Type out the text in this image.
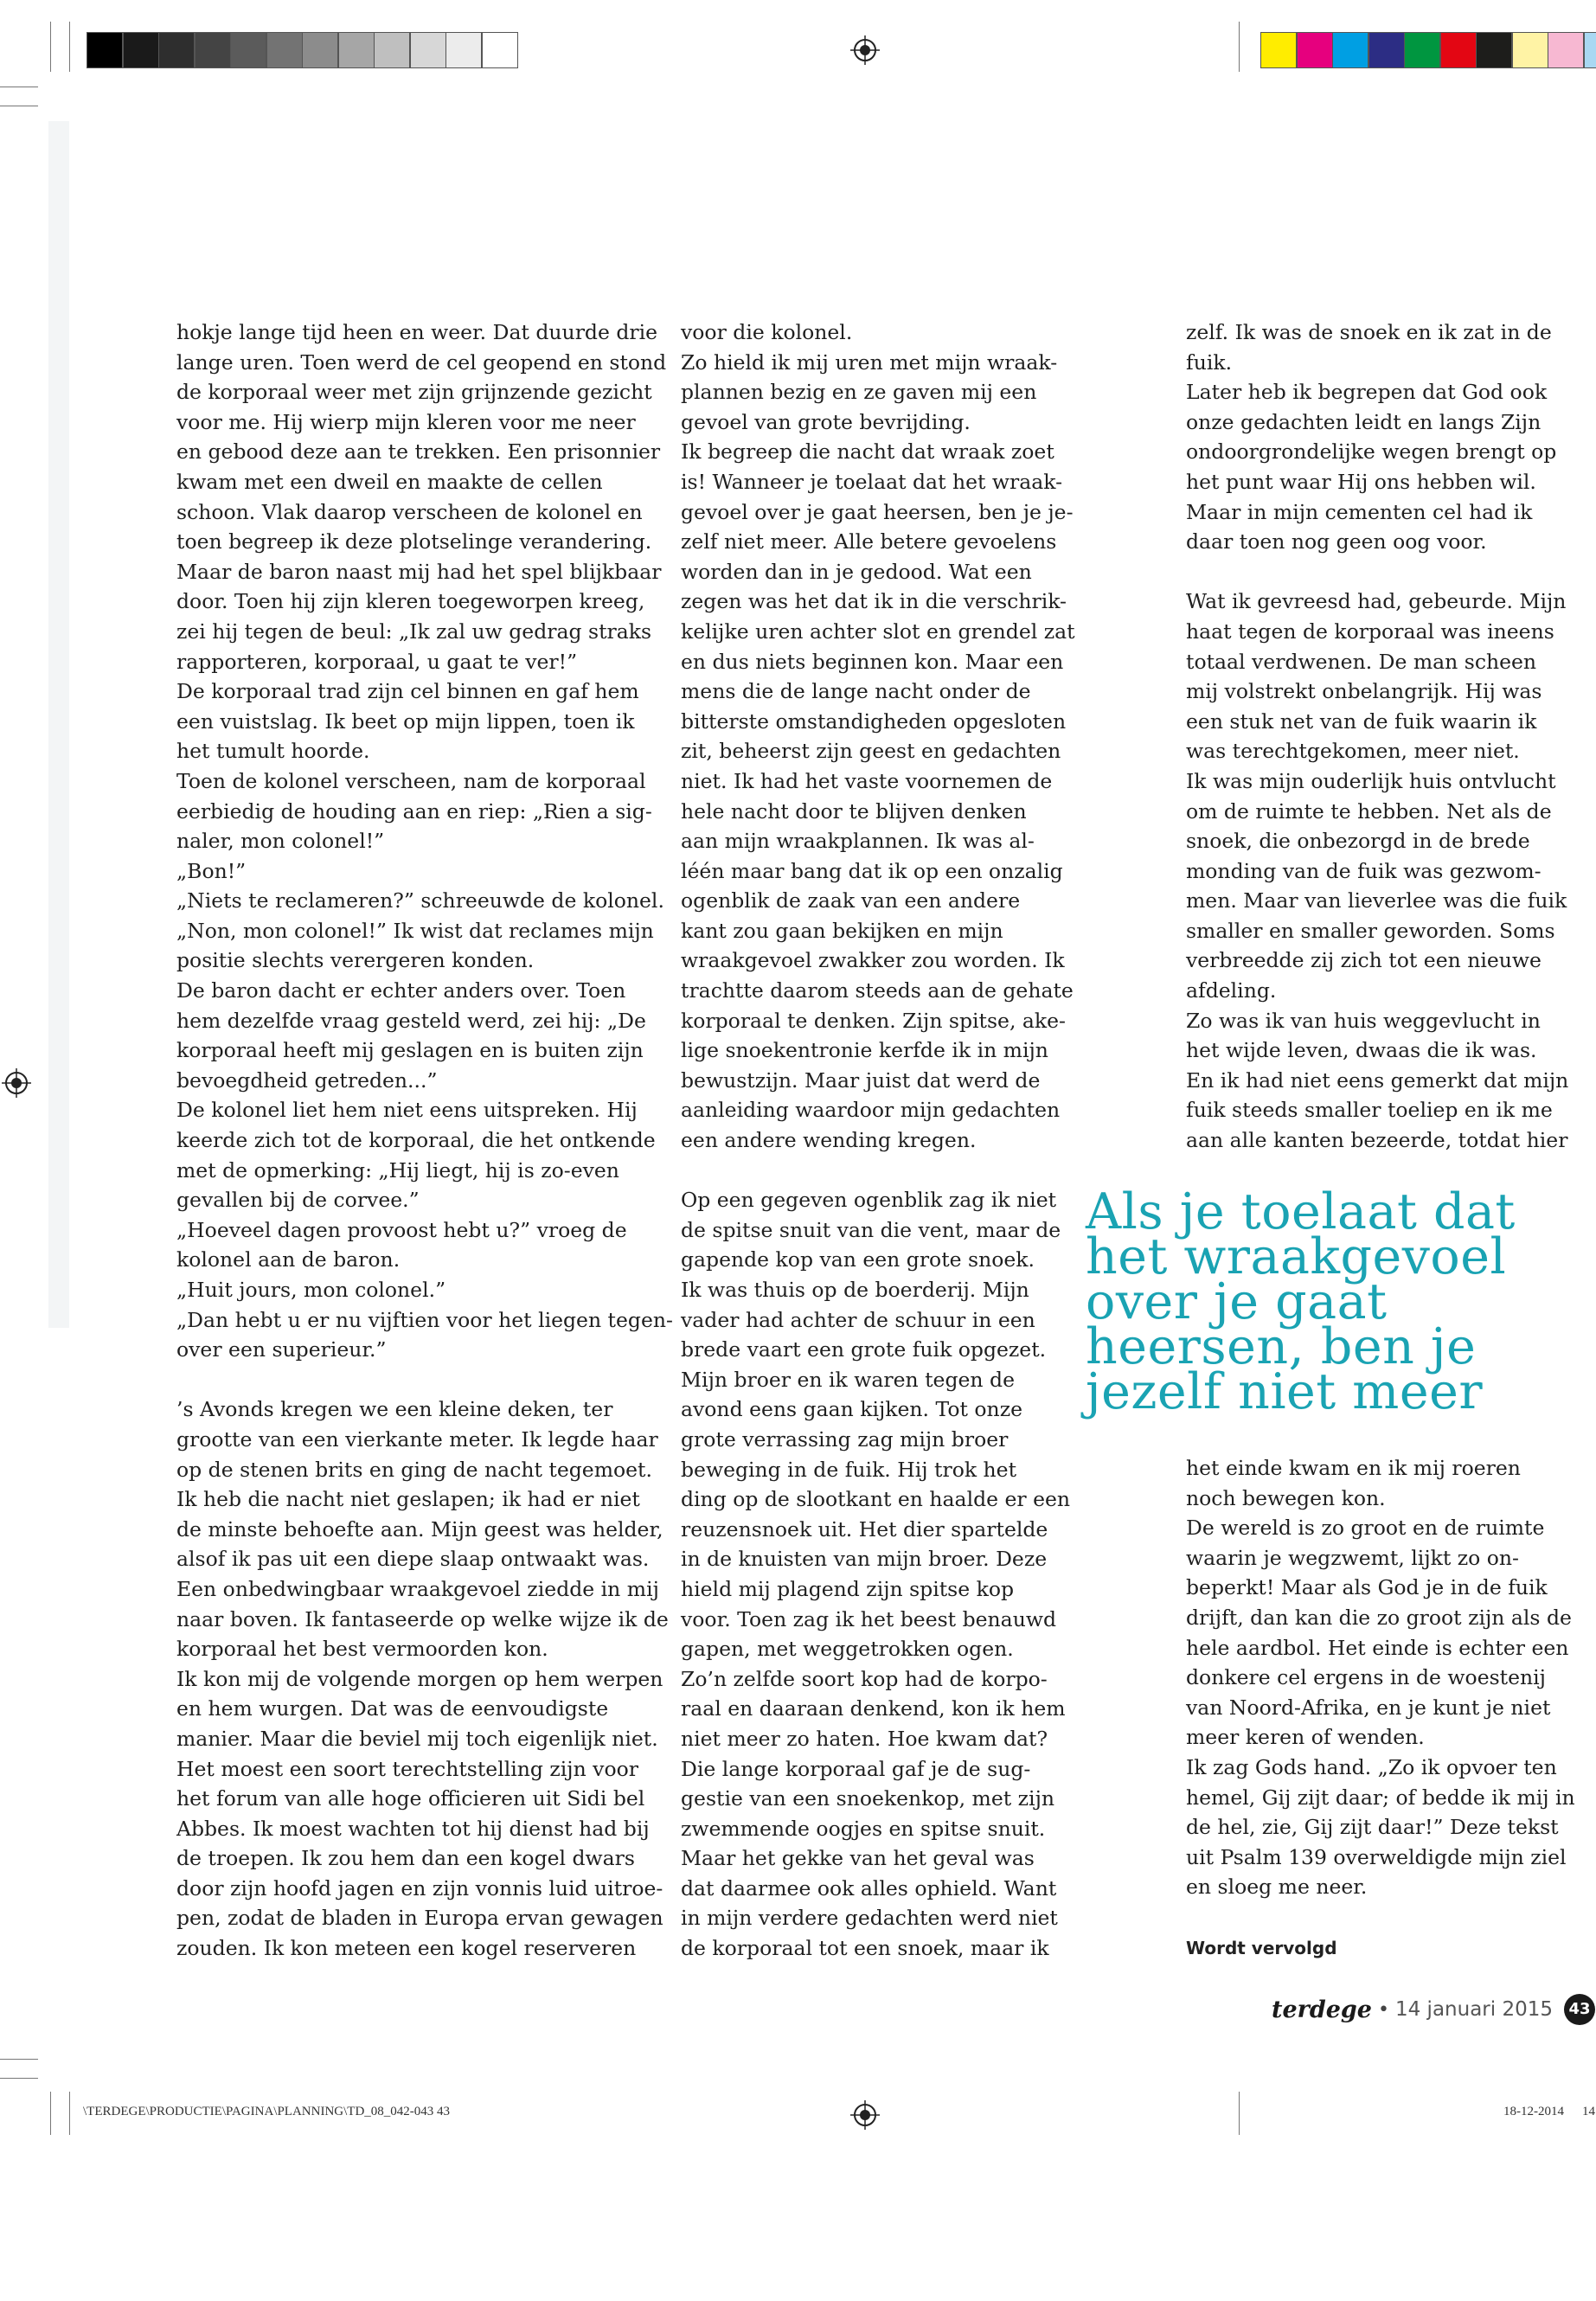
hokje lange tijd heen en weer. Dat duurde drie
lange uren. Toen werd de cel geopend en stond
de korporaal weer met zijn grijnzende gezicht
voor me. Hij wierp mijn kleren voor me neer
en gebood deze aan te trekken. Een prisonnier
kwam met een dweil en maakte de cellen
schoon. Vlak daarop verscheen de kolonel en
toen begreep ik deze plotselinge verandering.
Maar de baron naast mij had het spel blijkbaar
door. Toen hij zijn kleren toegeworpen kreeg,
zei hij tegen de beul: „Ik zal uw gedrag straks
rapporteren, korporaal, u gaat te ver!”
De korporaal trad zijn cel binnen en gaf hem
een vuistslag. Ik beet op mijn lippen, toen ik
het tumult hoorde.
Toen de kolonel verscheen, nam de korporaal
eerbiedig de houding aan en riep: „Rien a sig-
naler, mon colonel!”
„Bon!”
„Niets te reclameren?” schreeuwde de kolonel.
„Non, mon colonel!” Ik wist dat reclames mijn
positie slechts verergeren konden.
De baron dacht er echter anders over. Toen
hem dezelfde vraag gesteld werd, zei hij: „De
korporaal heeft mij geslagen en is buiten zijn
bevoegdheid getreden...”
De kolonel liet hem niet eens uitspreken. Hij
keerde zich tot de korporaal, die het ontkende
met de opmerking: „Hij liegt, hij is zo-even
gevallen bij de corvee.”
„Hoeveel dagen provoost hebt u?” vroeg de
kolonel aan de baron.
„Huit jours, mon colonel.”
„Dan hebt u er nu vijftien voor het liegen tegen-
over een superieur.”
’s Avonds kregen we een kleine deken, ter
grootte van een vierkante meter. Ik legde haar
op de stenen brits en ging de nacht tegemoet.
Ik heb die nacht niet geslapen; ik had er niet
de minste behoefte aan. Mijn geest was helder,
alsof ik pas uit een diepe slaap ontwaakt was.
Een onbedwingbaar wraakgevoel ziedde in mij
naar boven. Ik fantaseerde op welke wijze ik de
korporaal het best vermoorden kon.
Ik kon mij de volgende morgen op hem werpen
en hem wurgen. Dat was de eenvoudigste
manier. Maar die beviel mij toch eigenlijk niet.
Het moest een soort terechtstelling zijn voor
het forum van alle hoge officieren uit Sidi bel
Abbes. Ik moest wachten tot hij dienst had bij
de troepen. Ik zou hem dan een kogel dwars
door zijn hoofd jagen en zijn vonnis luid uitroe-
pen, zodat de bladen in Europa ervan gewagen
zouden. Ik kon meteen een kogel reserveren
voor die kolonel.
Zo hield ik mij uren met mijn wraak-
plannen bezig en ze gaven mij een
gevoel van grote bevrijding.
Ik begreep die nacht dat wraak zoet
is! Wanneer je toelaat dat het wraak-
gevoel over je gaat heersen, ben je je-
zelf niet meer. Alle betere gevoelens
worden dan in je gedood. Wat een
zegen was het dat ik in die verschrik-
kelijke uren achter slot en grendel zat
en dus niets beginnen kon. Maar een
mens die de lange nacht onder de
bitterste omstandigheden opgesloten
zit, beheerst zijn geest en gedachten
niet. Ik had het vaste voornemen de
hele nacht door te blijven denken
aan mijn wraakplannen. Ik was al-
léén maar bang dat ik op een onzalig
ogenblik de zaak van een andere
kant zou gaan bekijken en mijn
wraakgevoel zwakker zou worden. Ik
trachtte daarom steeds aan de gehate
korporaal te denken. Zijn spitse, ake-
lige snoekentronie kerfde ik in mijn
bewustzijn. Maar juist dat werd de
aanleiding waardoor mijn gedachten
een andere wending kregen.
Op een gegeven ogenblik zag ik niet
de spitse snuit van die vent, maar de
gapende kop van een grote snoek.
Ik was thuis op de boerderij. Mijn
vader had achter de schuur in een
brede vaart een grote fuik opgezet.
Mijn broer en ik waren tegen de
avond eens gaan kijken. Tot onze
grote verrassing zag mijn broer
beweging in de fuik. Hij trok het
ding op de slootkant en haalde er een
reuzensnoek uit. Het dier spartelde
in de knuisten van mijn broer. Deze
hield mij plagend zijn spitse kop
voor. Toen zag ik het beest benauwd
gapen, met weggetrokken ogen.
Zo’n zelfde soort kop had de korpo-
raal en daaraan denkend, kon ik hem
niet meer zo haten. Hoe kwam dat?
Die lange korporaal gaf je de sug-
gestie van een snoekenkop, met zijn
zwemmende oogjes en spitse snuit.
Maar het gekke van het geval was
dat daarmee ook alles ophield. Want
in mijn verdere gedachten werd niet
de korporaal tot een snoek, maar ik
zelf. Ik was de snoek en ik zat in de
fuik.
Later heb ik begrepen dat God ook
onze gedachten leidt en langs Zijn
ondoorgrondelijke wegen brengt op
het punt waar Hij ons hebben wil.
Maar in mijn cementen cel had ik
daar toen nog geen oog voor.
Wat ik gevreesd had, gebeurde. Mijn
haat tegen de korporaal was ineens
totaal verdwenen. De man scheen
mij volstrekt onbelangrijk. Hij was
een stuk net van de fuik waarin ik
was terechtgekomen, meer niet.
Ik was mijn ouderlijk huis ontvlucht
om de ruimte te hebben. Net als de
snoek, die onbezorgd in de brede
monding van de fuik was gezwom-
men. Maar van lieverlee was die fuik
smaller en smaller geworden. Soms
verbreedde zij zich tot een nieuwe
afdeling.
Zo was ik van huis weggevlucht in
het wijde leven, dwaas die ik was.
En ik had niet eens gemerkt dat mijn
fuik steeds smaller toeliep en ik me
aan alle kanten bezeerde, totdat hier
Als je toelaat dat
het wraakgevoel
over je gaat
heersen, ben je
jezelf niet meer
het einde kwam en ik mij roeren
noch bewegen kon.
De wereld is zo groot en de ruimte
waarin je wegzwemt, lijkt zo on-
beperkt! Maar als God je in de fuik
drijft, dan kan die zo groot zijn als de
hele aardbol. Het einde is echter een
donkere cel ergens in de woestenij
van Noord-Afrika, en je kunt je niet
meer keren of wenden.
Ik zag Gods hand. „Zo ik opvoer ten
hemel, Gij zijt daar; of bedde ik mij in
de hel, zie, Gij zijt daar!” Deze tekst
uit Psalm 139 overweldigde mijn ziel
en sloeg me neer.
Wordt vervolgd
terdege • 14 januari 2015	43
\TERDEGE\PRODUCTIE\PAGINA\PLANNING\TD_08_042-043 43	18-12-2014 14
